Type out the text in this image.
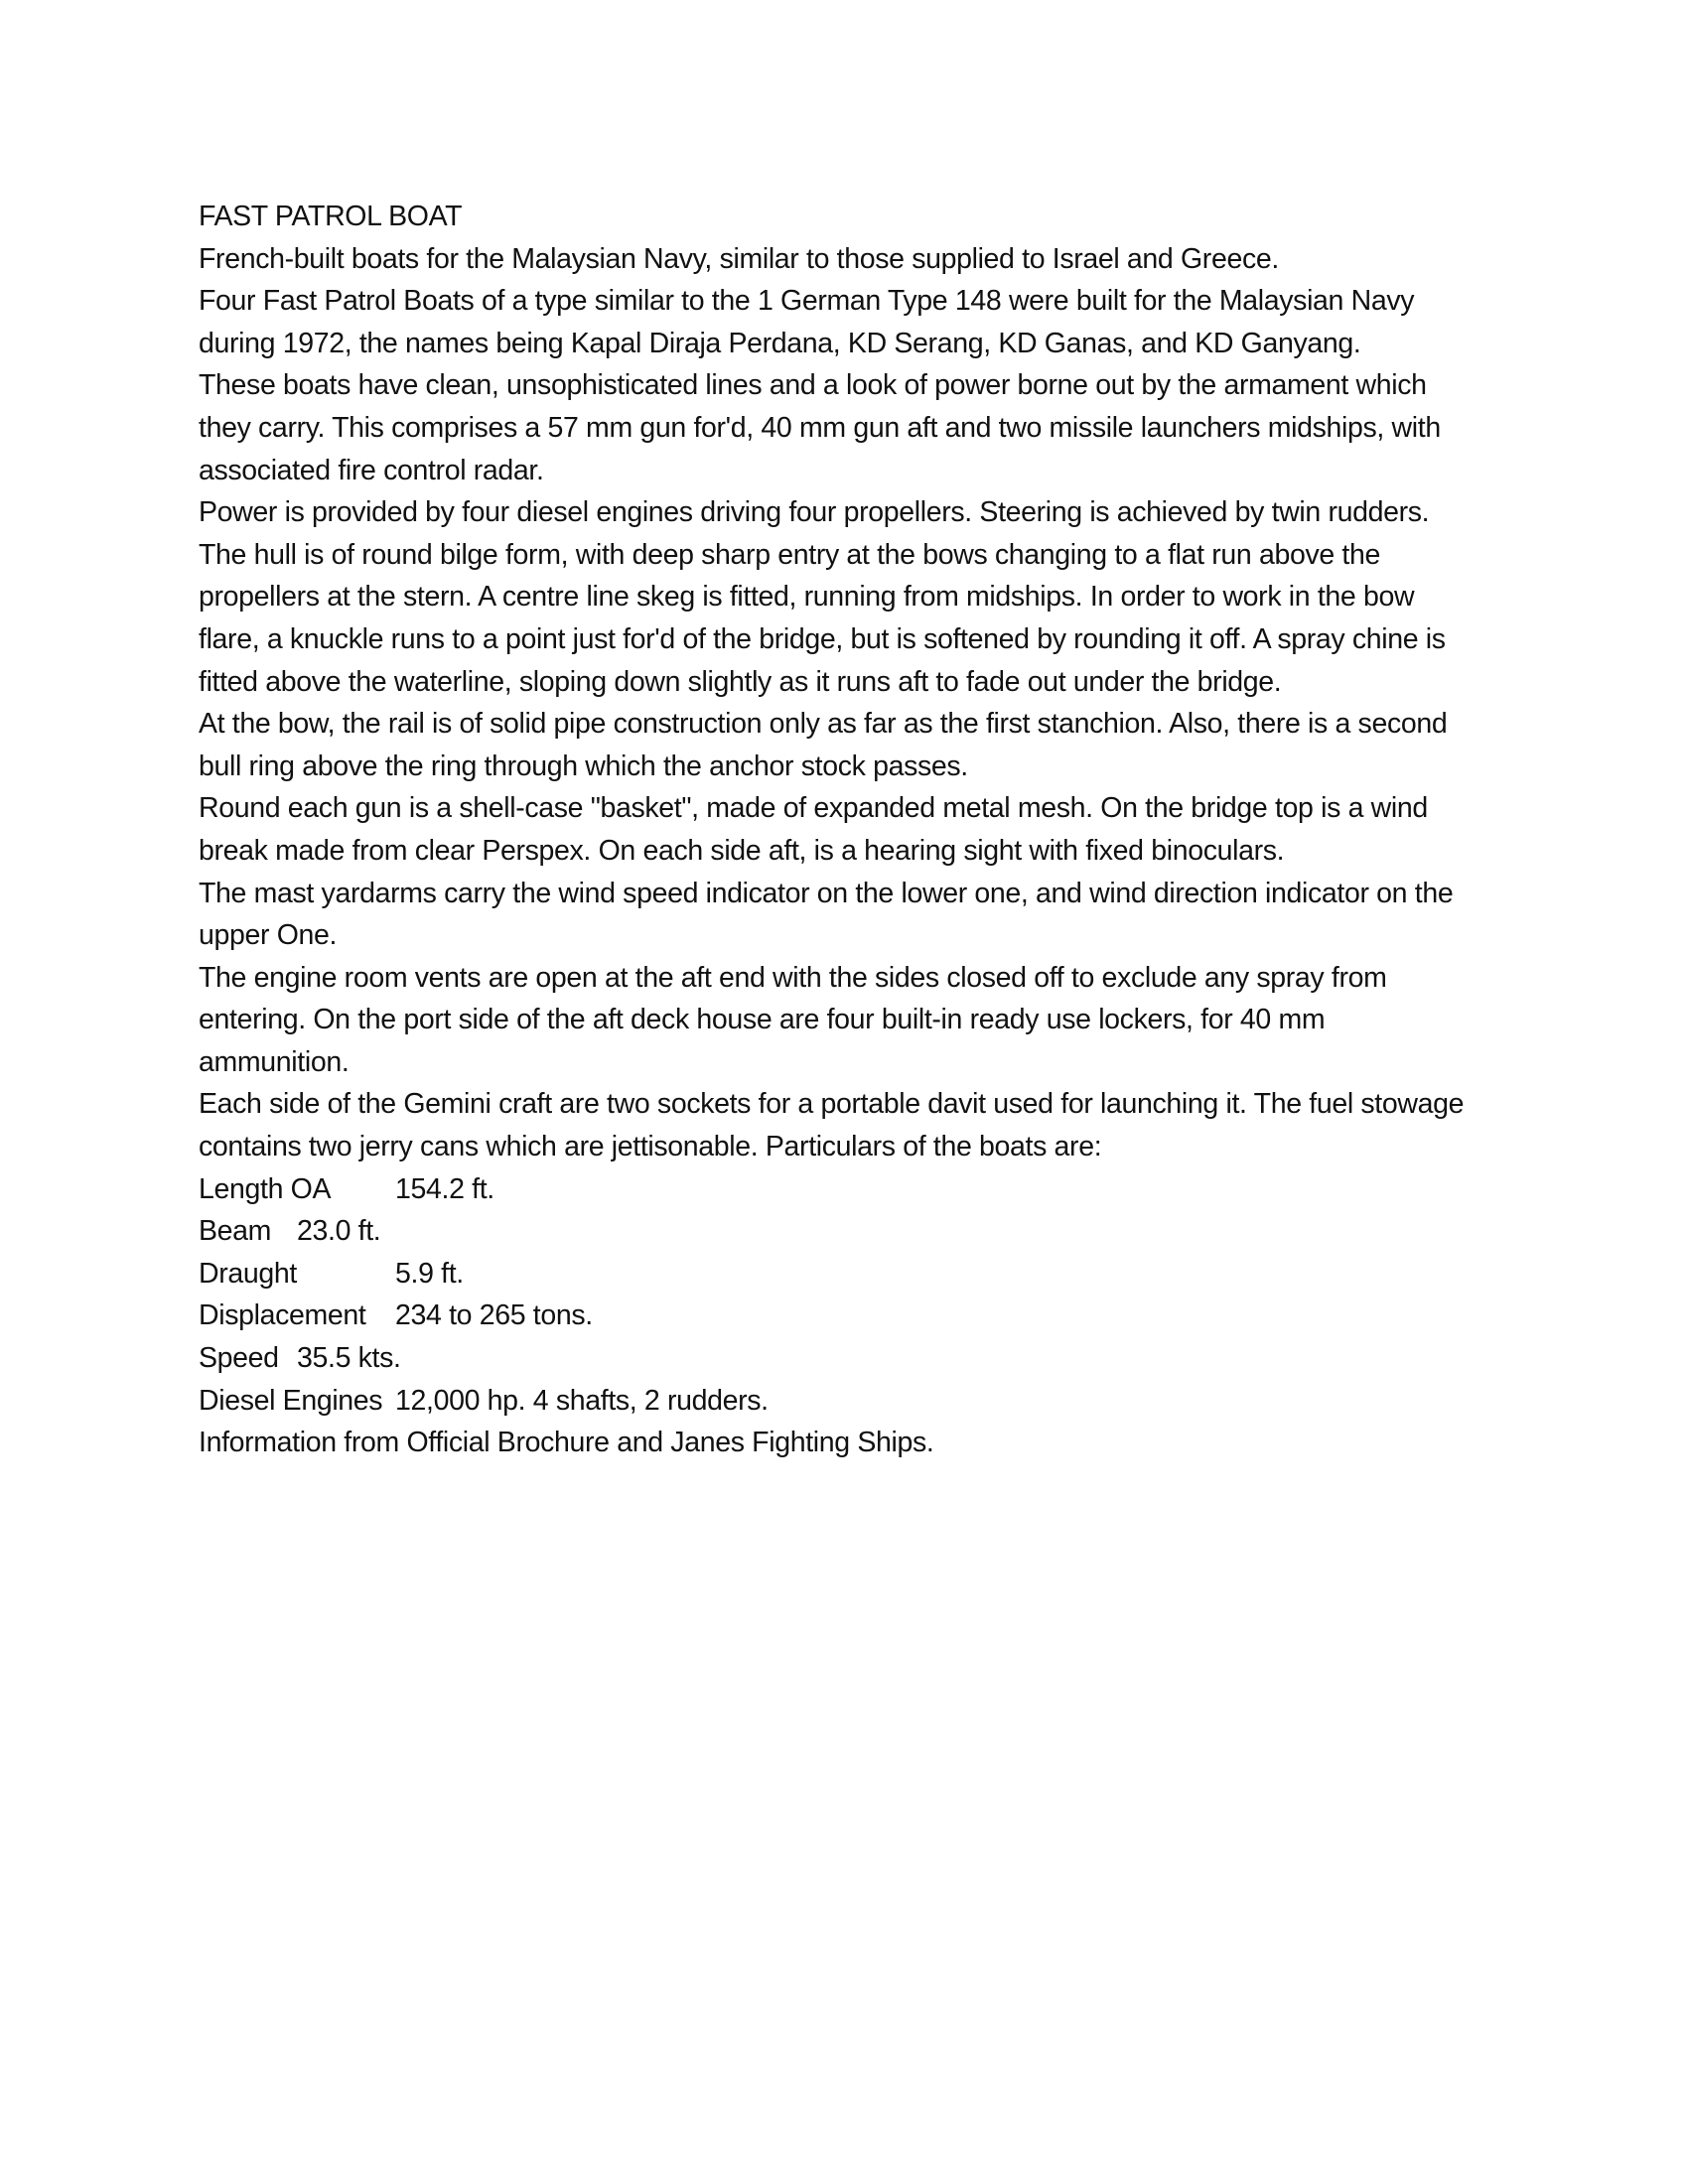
FAST PATROL BOAT
French-built boats for the Malaysian Navy, similar to those supplied to Israel and Greece.
Four Fast Patrol Boats of a type similar to the 1 German Type 148 were built for the Malaysian Navy
during 1972, the names being Kapal Diraja Perdana, KD Serang, KD Ganas, and KD Ganyang.
These boats have clean, unsophisticated lines and a look of power borne out by the armament which
they carry. This comprises a 57 mm gun for'd, 40 mm gun aft and two missile launchers midships, with
associated fire control radar.
Power is provided by four diesel engines driving four propellers. Steering is achieved by twin rudders.
The hull is of round bilge form, with deep sharp entry at the bows changing to a flat run above the
propellers at the stern. A centre line skeg is fitted, running from midships. In order to work in the bow
flare, a knuckle runs to a point just for'd of the bridge, but is softened by rounding it off. A spray chine is
fitted above the waterline, sloping down slightly as it runs aft to fade out under the bridge.
At the bow, the rail is of solid pipe construction only as far as the first stanchion. Also, there is a second
bull ring above the ring through which the anchor stock passes.
Round each gun is a shell-case "basket", made of expanded metal mesh. On the bridge top is a wind
break made from clear Perspex. On each side aft, is a hearing sight with fixed binoculars.
The mast yardarms carry the wind speed indicator on the lower one, and wind direction indicator on the
upper One.
The engine room vents are open at the aft end with the sides closed off to exclude any spray from
entering. On the port side of the aft deck house are four built-in ready use lockers, for 40 mm
ammunition.
Each side of the Gemini craft are two sockets for a portable davit used for launching it. The fuel stowage
contains two jerry cans which are jettisonable. Particulars of the boats are:
Length OA 154.2 ft.
Beam 23.0 ft.
Draught	5.9 ft.
Displacement 234 to 265 tons.
Speed 35.5 kts.
Diesel Engines 12,000 hp. 4 shafts, 2 rudders.
Information from Official Brochure and Janes Fighting Ships.
